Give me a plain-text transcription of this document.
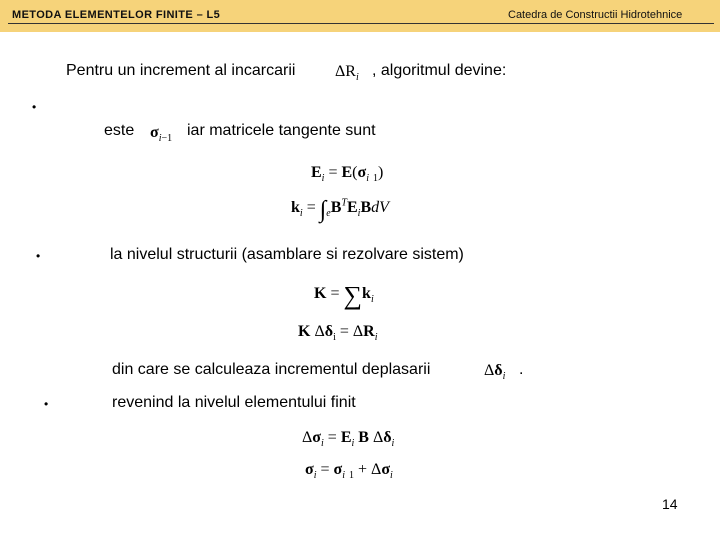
METODA ELEMENTELOR FINITE – L5	Catedra de Constructii Hidrotehnice
Pentru un increment al incarcarii $\Delta R_i$ , algoritmul devine:
•
este $\sigma_{i-1}$ iar matricele tangente sunt
$E_i = E(\sigma_i$ $_1$)
$k_i = \int_eB^TE_iBdV$
•	la nivelul structurii (asamblare si rezolvare sistem)
$K = \sum k_i$
K $\Delta\delta_i = \Delta R_i$
din care se calculeaza incrementul deplasarii	$\Delta\delta_i$ .
•	revenind la nivelul elementului finit
$\Delta\sigma_i = E_i$ B $\Delta\delta_i$
$\sigma_i = \sigma_i$ $_1 + \Delta\sigma_i$
14
